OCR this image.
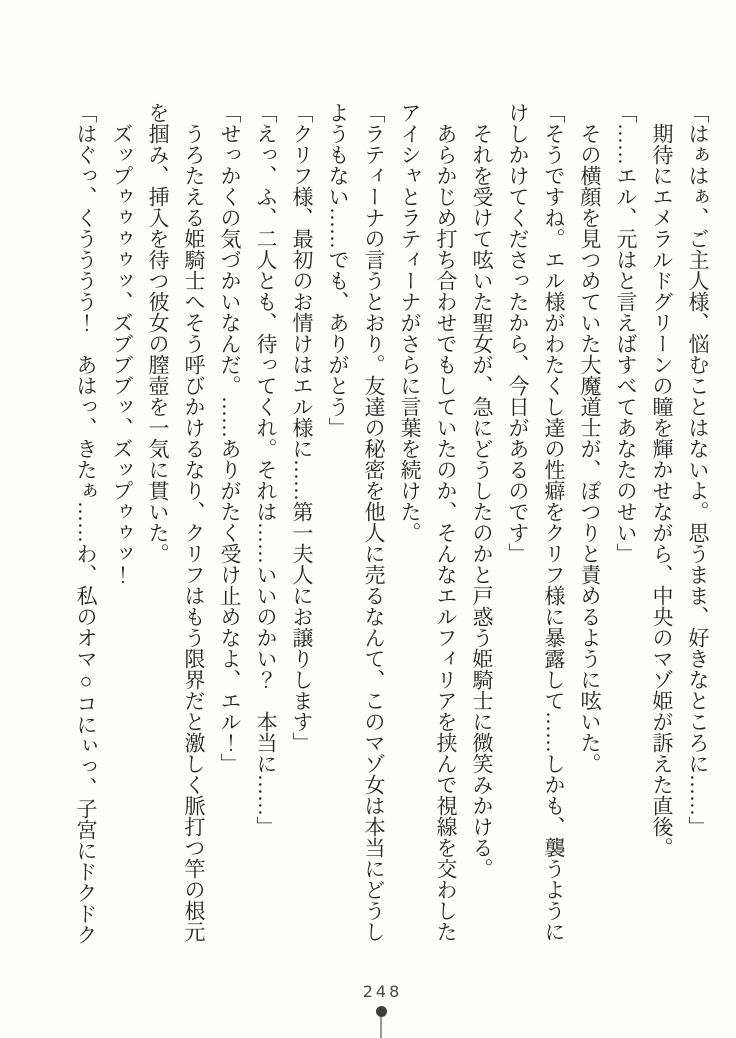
「はぁはぁ、ご主人様、悩むことはないよ。思うまま、好きなところに……」
期待にエメラルドグリーンの瞳を輝かせながら、中央のマゾ姫が訴えた直後。
「……エル、元はと言えばすべてあなたのせい」
その横顔を見つめていた大魔道士が、ぽつりと責めるように呟いた。
「そうですね。エル様がわたくし達の性癖をクリフ様に暴露して……しかも、襲うように
けしかけてくださったから、今日があるのです」
それを受けて呟いた聖女が、急にどうしたのかと戸惑う姫騎士に微笑みかける。
あらかじめ打ち合わせでもしていたのか、そんなエルフィリアを挟んで視線を交わした
アイシャとラティーナがさらに言葉を続けた。
「ラティーナの言うとおり。友達の秘密を他人に売るなんて、このマゾ女は本当にどうし
ようもない……でも、ありがとう」
「クリフ様、最初のお情けはエル様に……第一夫人にお譲りします」
「えっ、ふ、二人とも、待ってくれ。それは……いいのかい？　本当に……」
「せっかくの気づかいなんだ。……ありがたく受け止めなよ、エル！」
うろたえる姫騎士へそう呼びかけるなり、クリフはもう限界だと激しく脈打つ竿の根元
を掴み、挿入を待つ彼女の膣壺を一気に貫いた。
ズップゥゥゥゥッ、ズブブブッ、ズップゥゥッ！
「はぐっ、くうううう！　あはっ、きたぁ……わ、私のオマ○コにぃっ、子宮にドクドク
248
